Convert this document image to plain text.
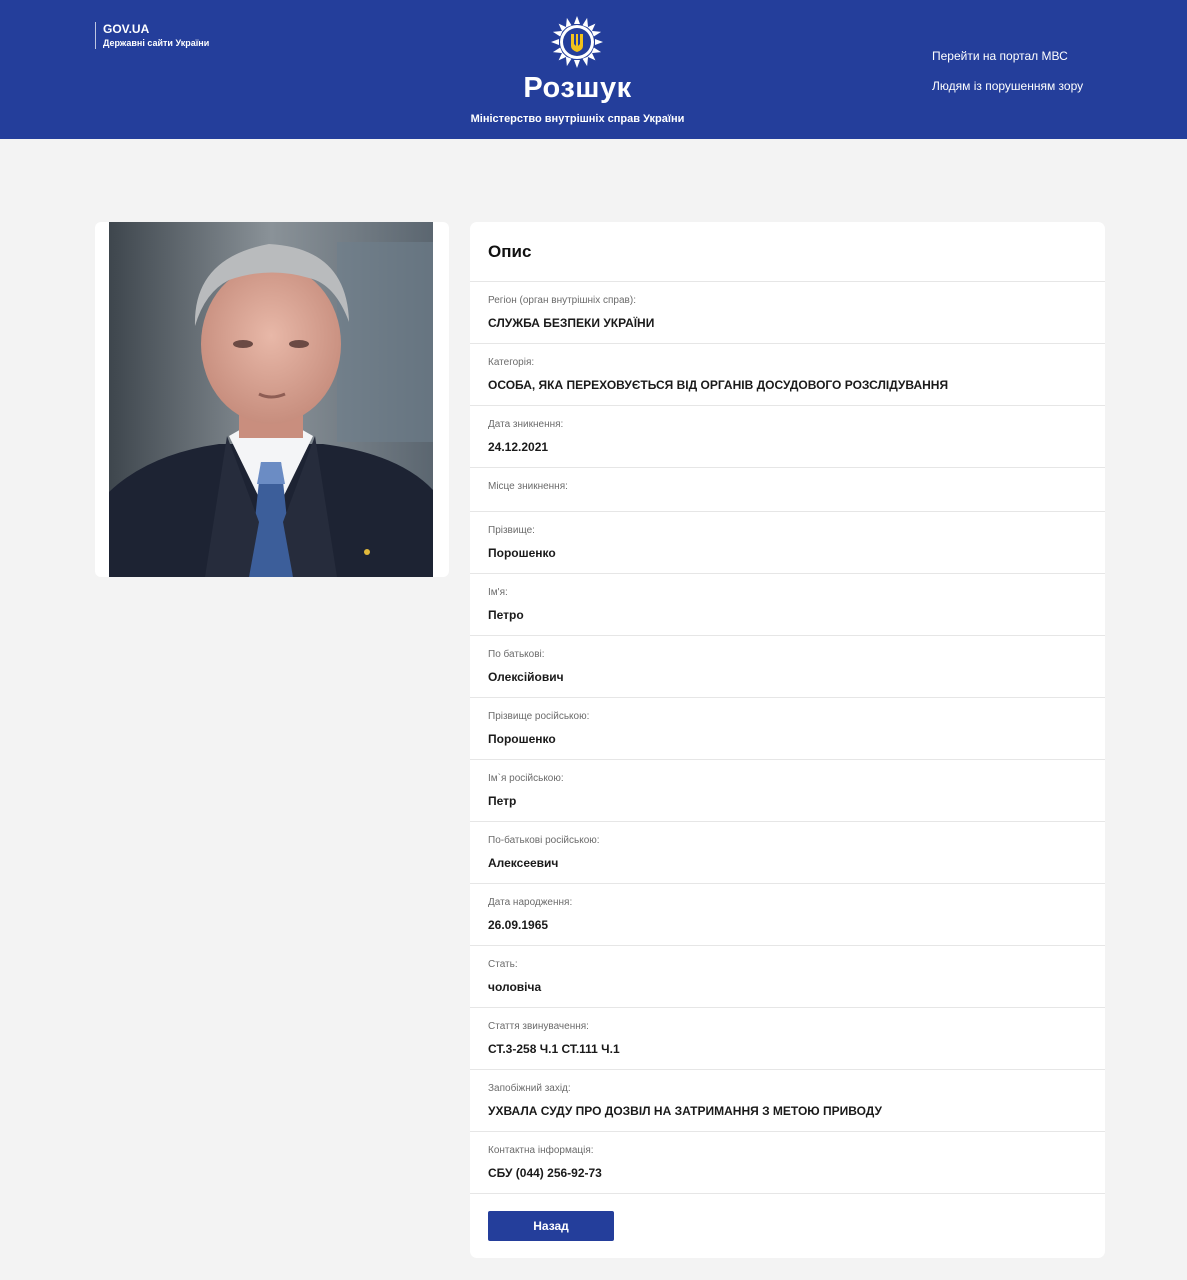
GOV.UA
Державні сайти України
Розшук
Міністерство внутрішніх справ України
Перейти на портал МВС
Людям із порушенням зору
Опис
Регіон (орган внутрішніх справ):
СЛУЖБА БЕЗПЕКИ УКРАЇНИ
Категорія:
ОСОБА, ЯКА ПЕРЕХОВУЄТЬСЯ ВІД ОРГАНІВ ДОСУДОВОГО РОЗСЛІДУВАННЯ
Дата зникнення:
24.12.2021
Місце зникнення:
Прізвище:
Порошенко
Ім'я:
Петро
По батькові:
Олексійович
Прізвище російською:
Порошенко
Ім`я російською:
Петр
По-батькові російською:
Алексеевич
Дата народження:
26.09.1965
Стать:
чоловіча
Стаття звинувачення:
СТ.3-258 Ч.1 СТ.111 Ч.1
Запобіжний захід:
УХВАЛА СУДУ ПРО ДОЗВІЛ НА ЗАТРИМАННЯ З МЕТОЮ ПРИВОДУ
Контактна інформація:
СБУ (044) 256-92-73
Назад
